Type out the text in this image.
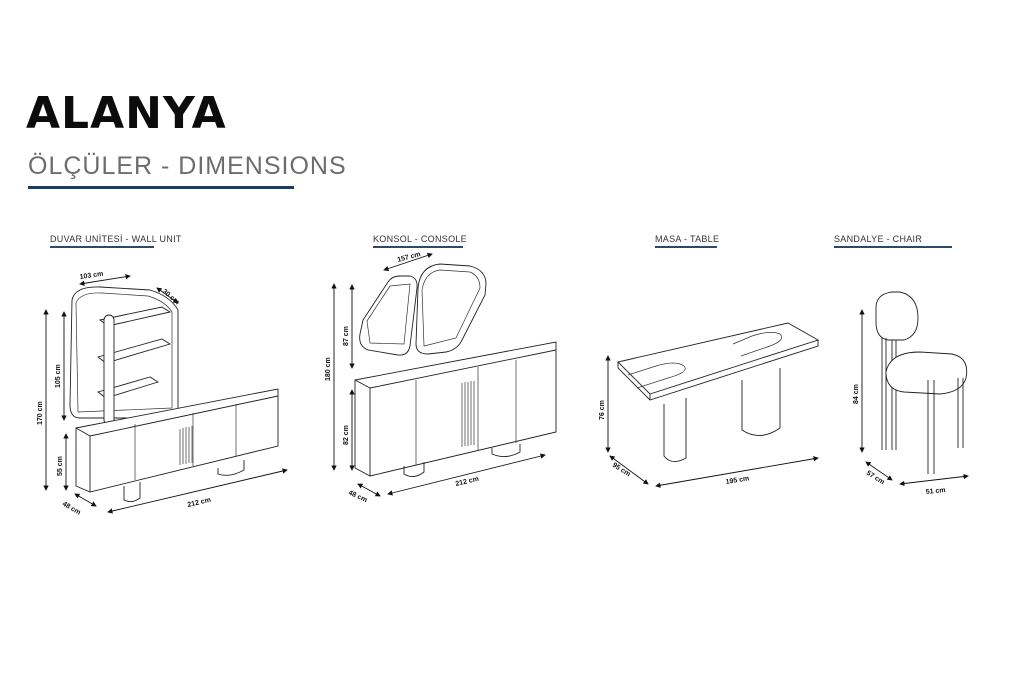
ALANYA
ÖLÇÜLER - DIMENSIONS
DUVAR UNİTESİ - WALL UNIT	KONSOL - CONSOLE	MASA - TABLE	SANDALYE - CHAIR
103 cm
30 cm
105 cm
170 cm
55 cm
48 cm	212 cm
157 cm
87 cm
180 cm
82 cm
48 cm
212 cm
76 cm
95 cm
195 cm
84 cm
57 cm
51 cm
